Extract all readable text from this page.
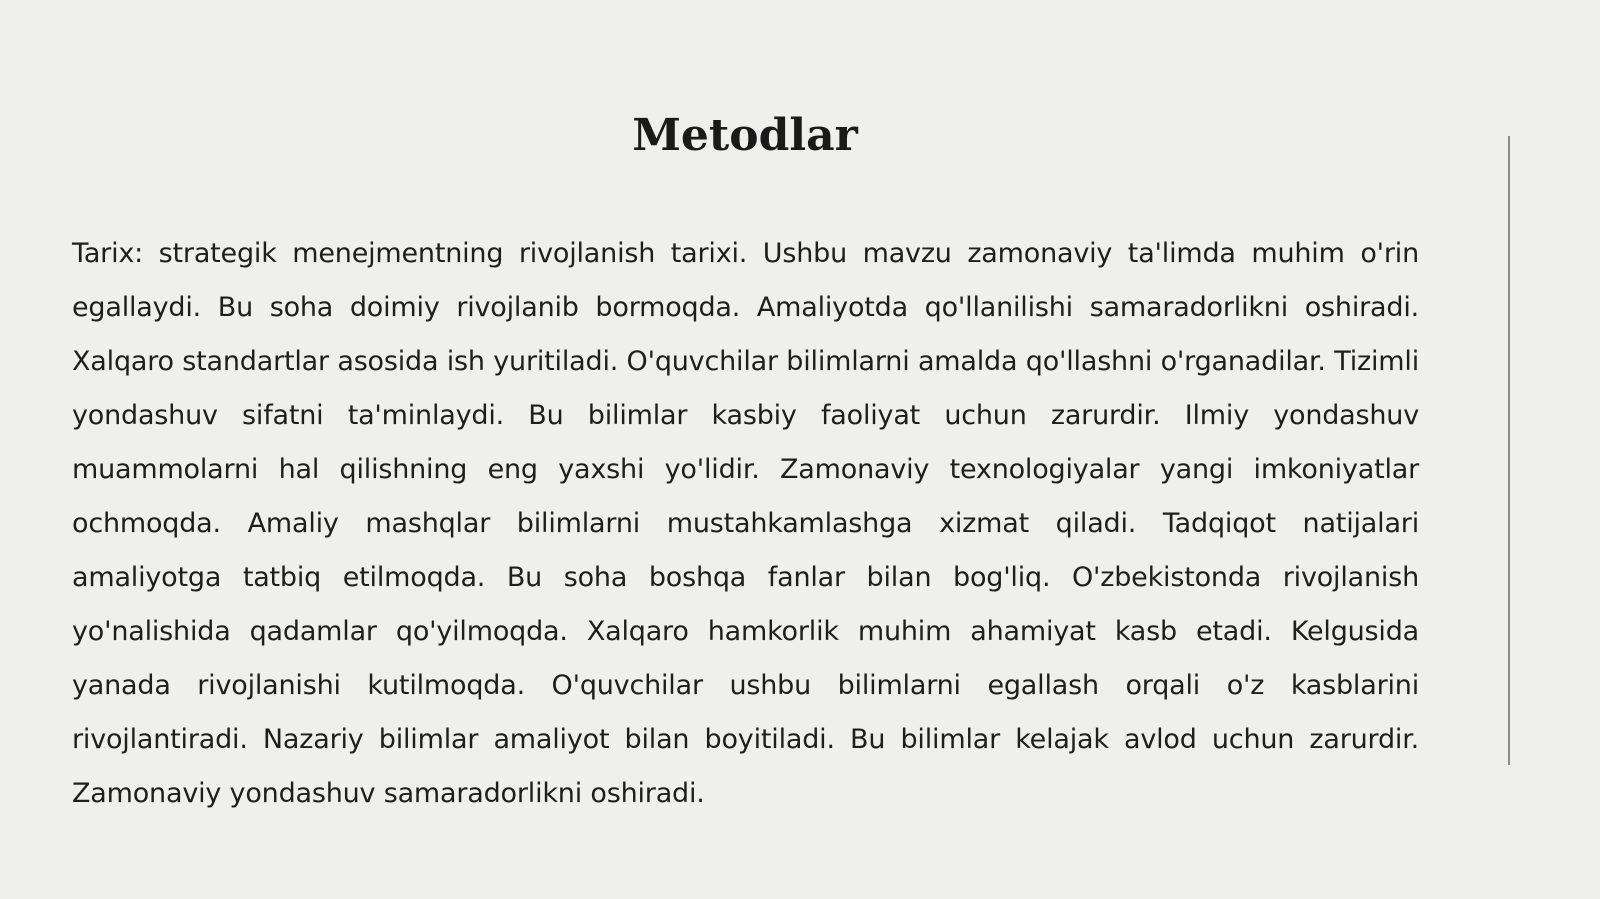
Metodlar

Tarix: strategik menejmentning rivojlanish tarixi. Ushbu mavzu zamonaviy ta'limda muhim o'rin egallaydi. Bu soha doimiy rivojlanib bormoqda. Amaliyotda qo'llanilishi samaradorlikni oshiradi. Xalqaro standartlar asosida ish yuritiladi. O'quvchilar bilimlarni amalda qo'llashni o'rganadilar. Tizimli yondashuv sifatni ta'minlaydi. Bu bilimlar kasbiy faoliyat uchun zarurdir. Ilmiy yondashuv muammolarni hal qilishning eng yaxshi yo'lidir. Zamonaviy texnologiyalar yangi imkoniyatlar ochmoqda. Amaliy mashqlar bilimlarni mustahkamlashga xizmat qiladi. Tadqiqot natijalari amaliyotga tatbiq etilmoqda. Bu soha boshqa fanlar bilan bog'liq. O'zbekistonda rivojlanish yo'nalishida qadamlar qo'yilmoqda. Xalqaro hamkorlik muhim ahamiyat kasb etadi. Kelgusida yanada rivojlanishi kutilmoqda. O'quvchilar ushbu bilimlarni egallash orqali o'z kasblarini rivojlantiradi. Nazariy bilimlar amaliyot bilan boyitiladi. Bu bilimlar kelajak avlod uchun zarurdir. Zamonaviy yondashuv samaradorlikni oshiradi.
